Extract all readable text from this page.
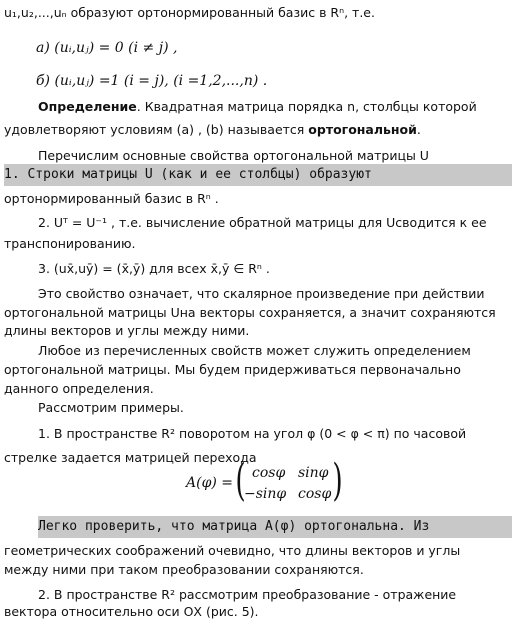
u₁,u₂,...,uₙ образуют ортонормированный базис в Rⁿ, т.е.
а) (uᵢ,uⱼ) = 0 (i ≠ j) ,
б) (uᵢ,uⱼ) =1 (i = j), (i =1,2,...,n) .
Определение. Квадратная матрица порядка n, столбцы которой
удовлетворяют условиям (a) , (b) называется ортогональной.
Перечислим основные свойства ортогональной матрицы U
1. Строки матрицы U (как и ее столбцы) образуют
ортонормированный базис в Rⁿ .
2. Uᵀ = U⁻¹ , т.е. вычисление обратной матрицы для Uсводится к ее
транспонированию.
3. (ux̄,uȳ) = (x̄,ȳ) для всех x̄,ȳ ∈ Rⁿ .
Это свойство означает, что скалярное произведение при действии
ортогональной матрицы Uна векторы сохраняется, а значит сохраняются
длины векторов и углы между ними.
Любое из перечисленных свойств может служить определением
ортогональной матрицы. Мы будем придерживаться первоначально
данного определения.
Рассмотрим примеры.
1. В пространстве R² поворотом на угол φ (0 < φ < π) по часовой
стрелке задается матрицей перехода
A(φ) = ( cosφ sinφ
−sinφ cosφ )
Легко проверить, что матрица A(φ) ортогональна. Из
геометрических соображений очевидно, что длины векторов и углы
между ними при таком преобразовании сохраняются.
2. В пространстве R² рассмотрим преобразование - отражение
вектора относительно оси ОХ (рис. 5).
